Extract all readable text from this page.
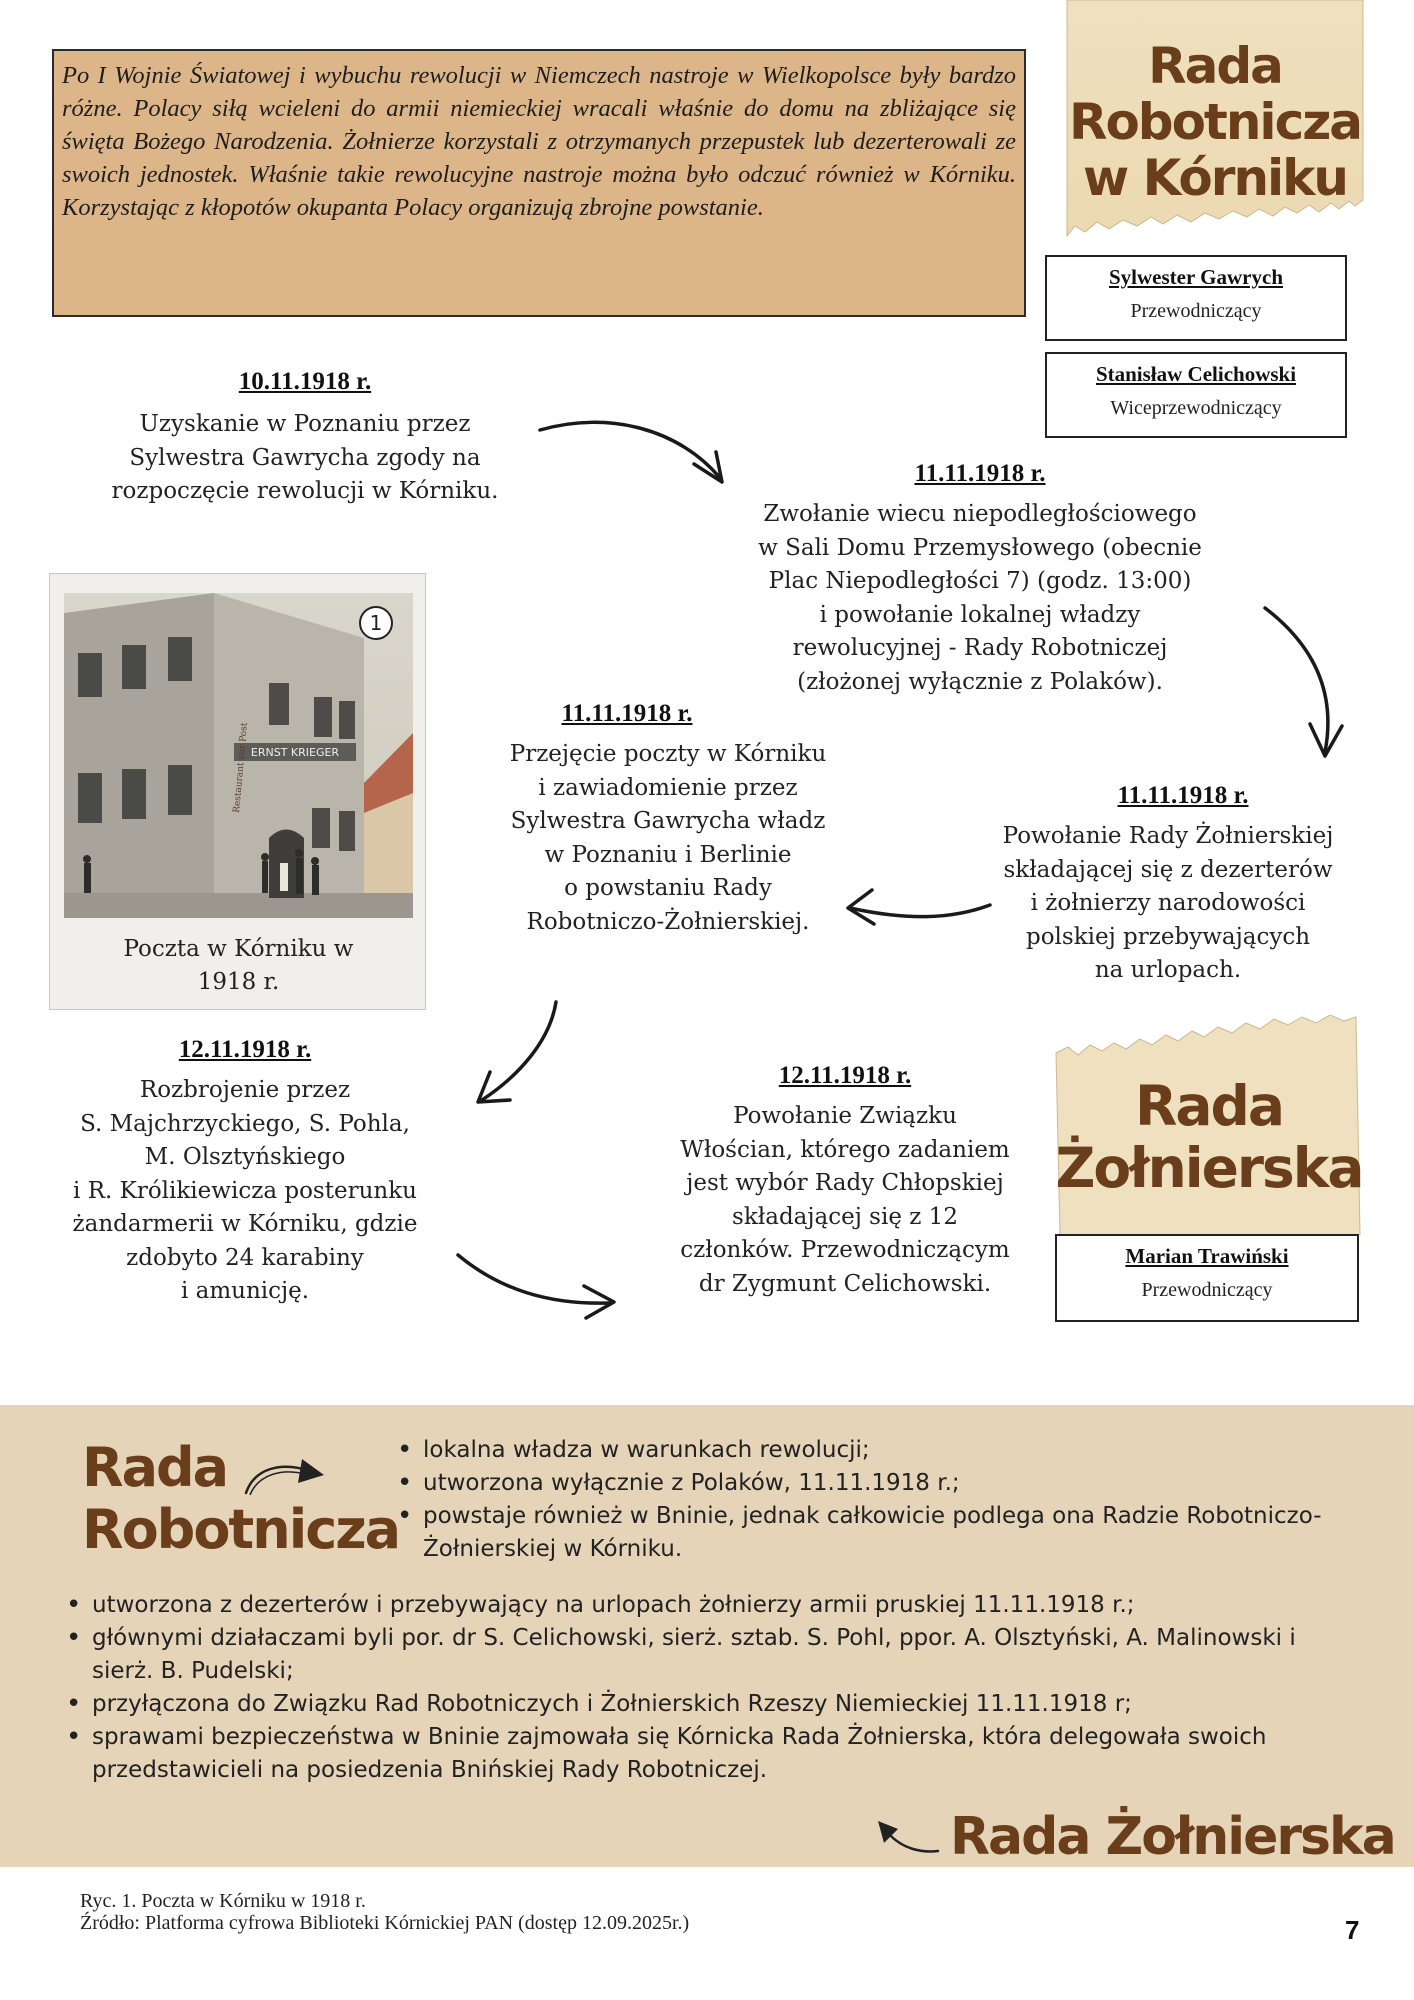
Po I Wojnie Światowej i wybuchu rewolucji w Niemczech nastroje w Wielkopolsce były bardzo różne. Polacy siłą wcieleni do armii niemieckiej wracali właśnie do domu na zbliżające się święta Bożego Narodzenia. Żołnierze korzystali z otrzymanych przepustek lub dezerterowali ze swoich jednostek. Właśnie takie rewolucyjne nastroje można było odczuć również w Kórniku. Korzystając z kłopotów okupanta Polacy organizują zbrojne powstanie.

Rada
Robotnicza
w Kórniku
Sylwester Gawrych
Przewodniczący
Stanisław Celichowski
Wiceprzewodniczący
10.11.1918 r.
Uzyskanie w Poznaniu przez
Sylwestra Gawrycha zgody na
rozpoczęcie rewolucji w Kórniku.
11.11.1918 r.
Zwołanie wiecu niepodległościowego
w Sali Domu Przemysłowego (obecnie
Plac Niepodległości 7) (godz. 13:00)
i powołanie lokalnej władzy
rewolucyjnej - Rady Robotniczej
(złożonej wyłącznie z Polaków).
11.11.1918 r.
Przejęcie poczty w Kórniku
i zawiadomienie przez
Sylwestra Gawrycha władz
w Poznaniu i Berlinie
o powstaniu Rady
Robotniczo-Żołnierskiej.
11.11.1918 r.
Powołanie Rady Żołnierskiej
składającej się z dezerterów
i żołnierzy narodowości
polskiej przebywających
na urlopach.
12.11.1918 r.
Rozbrojenie przez
S. Majchrzyckiego, S. Pohla,
M. Olsztyńskiego
i R. Królikiewicza posterunku
żandarmerii w Kórniku, gdzie
zdobyto 24 karabiny
i amunicję.
12.11.1918 r.
Powołanie Związku
Włościan, którego zadaniem
jest wybór Rady Chłopskiej
składającej się z 12
członków. Przewodniczącym
dr Zygmunt Celichowski.
ERNST KRIEGER
Restaurant zur Post
1
Poczta w Kórniku w
1918 r.
Rada
Żołnierska
Marian Trawiński
Przewodniczący
Rada
Robotnicza
• lokalna władza w warunkach rewolucji;
• utworzona wyłącznie z Polaków, 11.11.1918 r.;
• powstaje również w Bninie, jednak całkowicie podlega ona Radzie Robotniczo-Żołnierskiej w Kórniku.
• utworzona z dezerterów i przebywający na urlopach żołnierzy armii pruskiej 11.11.1918 r.;
• głównymi działaczami byli por. dr S. Celichowski, sierż. sztab. S. Pohl, ppor. A. Olsztyński, A. Malinowski i sierż. B. Pudelski;
• przyłączona do Związku Rad Robotniczych i Żołnierskich Rzeszy Niemieckiej 11.11.1918 r;
• sprawami bezpieczeństwa w Bninie zajmowała się Kórnicka Rada Żołnierska, która delegowała swoich przedstawicieli na posiedzenia Bnińskiej Rady Robotniczej.
Rada Żołnierska
Ryc. 1. Poczta w Kórniku w 1918 r.
Źródło: Platforma cyfrowa Biblioteki Kórnickiej PAN (dostęp 12.09.2025r.)	7
